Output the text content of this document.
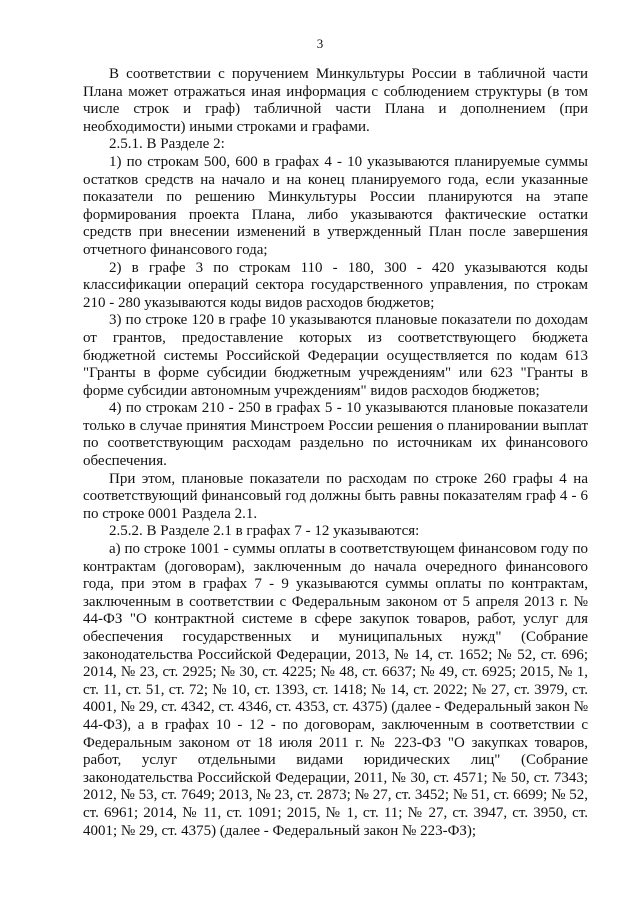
3

В соответствии с поручением Минкультуры России в табличной части Плана может отражаться иная информация с соблюдением структуры (в том числе строк и граф) табличной части Плана и дополнением (при необходимости) иными строками и графами.

2.5.1. В Разделе 2:

1) по строкам 500, 600 в графах 4 - 10 указываются планируемые суммы остатков средств на начало и на конец планируемого года, если указанные показатели по решению Минкультуры России планируются на этапе формирования проекта Плана, либо указываются фактические остатки средств при внесении изменений в утвержденный План после завершения отчетного финансового года;

2) в графе 3 по строкам 110 - 180, 300 - 420 указываются коды классификации операций сектора государственного управления, по строкам 210 - 280 указываются коды видов расходов бюджетов;

3) по строке 120 в графе 10 указываются плановые показатели по доходам от грантов, предоставление которых из соответствующего бюджета бюджетной системы Российской Федерации осуществляется по кодам 613 "Гранты в форме субсидии бюджетным учреждениям" или 623 "Гранты в форме субсидии автономным учреждениям" видов расходов бюджетов;

4) по строкам 210 - 250 в графах 5 - 10 указываются плановые показатели только в случае принятия Минстроем России решения о планировании выплат по соответствующим расходам раздельно по источникам их финансового обеспечения.

При этом, плановые показатели по расходам по строке 260 графы 4 на соответствующий финансовый год должны быть равны показателям граф 4 - 6 по строке 0001 Раздела 2.1.

2.5.2. В Разделе 2.1 в графах 7 - 12 указываются:

а) по строке 1001 - суммы оплаты в соответствующем финансовом году по контрактам (договорам), заключенным до начала очередного финансового года, при этом в графах 7 - 9 указываются суммы оплаты по контрактам, заключенным в соответствии с Федеральным законом от 5 апреля 2013 г. № 44-ФЗ "О контрактной системе в сфере закупок товаров, работ, услуг для обеспечения государственных и муниципальных нужд" (Собрание законодательства Российской Федерации, 2013, № 14, ст. 1652; № 52, ст. 696; 2014, № 23, ст. 2925; № 30, ст. 4225; № 48, ст. 6637; № 49, ст. 6925; 2015, № 1, ст. 11, ст. 51, ст. 72; № 10, ст. 1393, ст. 1418; № 14, ст. 2022; № 27, ст. 3979, ст. 4001, № 29, ст. 4342, ст. 4346, ст. 4353, ст. 4375) (далее - Федеральный закон № 44-ФЗ), а в графах 10 - 12 - по договорам, заключенным в соответствии с Федеральным законом от 18 июля 2011 г. № 223-ФЗ "О закупках товаров, работ, услуг отдельными видами юридических лиц" (Собрание законодательства Российской Федерации, 2011, № 30, ст. 4571; № 50, ст. 7343; 2012, № 53, ст. 7649; 2013, № 23, ст. 2873; № 27, ст. 3452; № 51, ст. 6699; № 52, ст. 6961; 2014, № 11, ст. 1091; 2015, № 1, ст. 11; № 27, ст. 3947, ст. 3950, ст. 4001; № 29, ст. 4375) (далее - Федеральный закон № 223-ФЗ);
